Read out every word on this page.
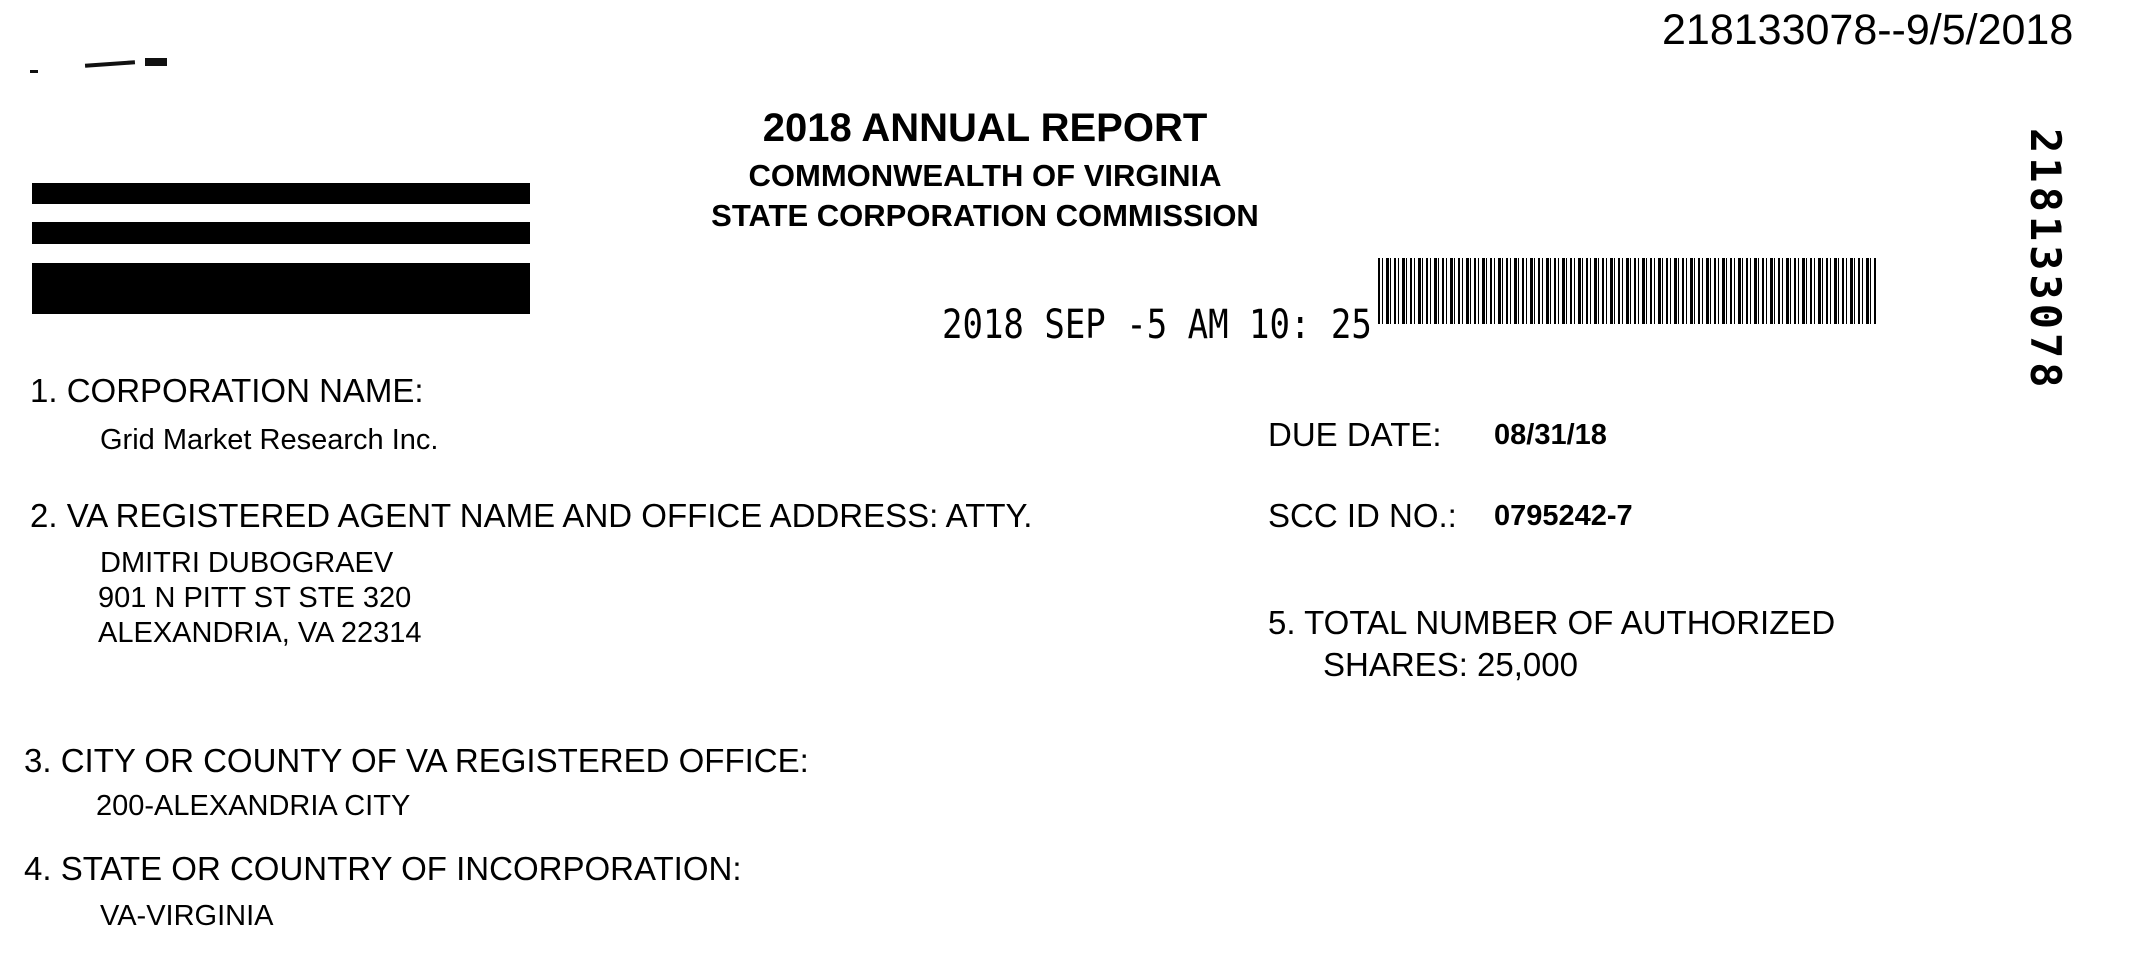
218133078--9/5/2018
2018 ANNUAL REPORT
COMMONWEALTH OF VIRGINIA
STATE CORPORATION COMMISSION
2018 SEP -5 AM 10: 25	218133078
1. CORPORATION NAME:
Grid Market Research Inc.	DUE DATE: 08/31/18
2. VA REGISTERED AGENT NAME AND OFFICE ADDRESS: ATTY.
DMITRI DUBOGRAEV
901 N PITT ST STE 320
ALEXANDRIA, VA 22314
SCC ID NO.: 0795242-7
5. TOTAL NUMBER OF AUTHORIZED
SHARES: 25,000
3. CITY OR COUNTY OF VA REGISTERED OFFICE:
200-ALEXANDRIA CITY
4. STATE OR COUNTRY OF INCORPORATION:
VA-VIRGINIA
